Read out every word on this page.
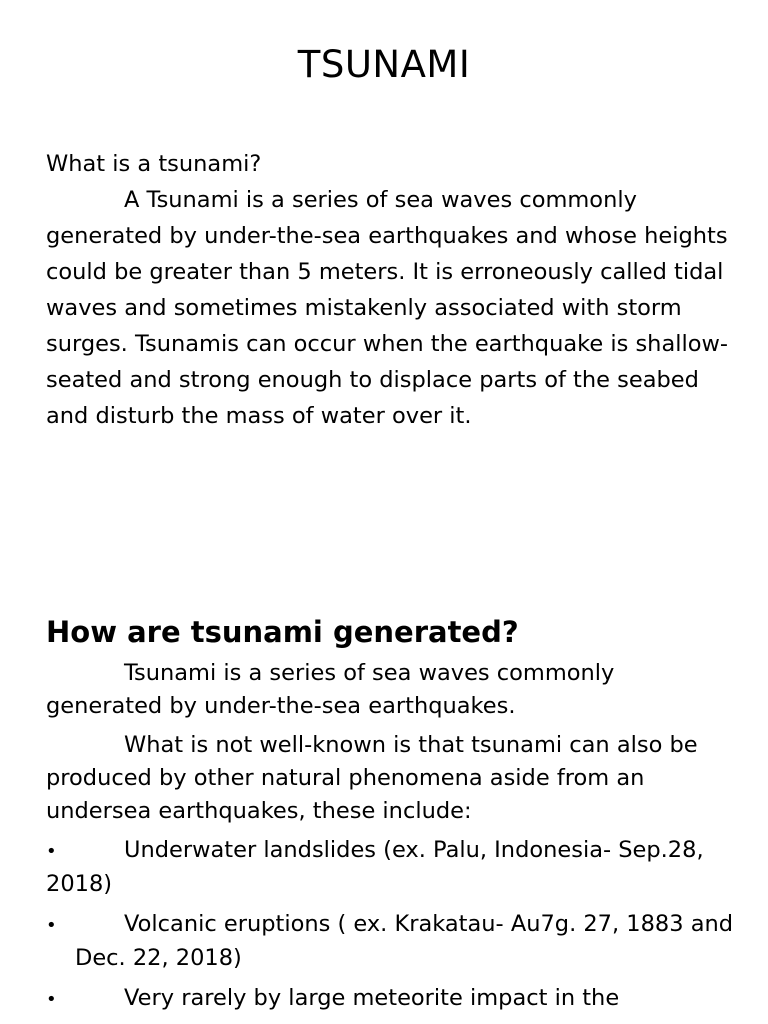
TSUNAMI

What is a tsunami?

A Tsunami is a series of sea waves commonly generated by under-the-sea earthquakes and whose heights could be greater than 5 meters. It is erroneously called tidal waves and sometimes mistakenly associated with storm surges. Tsunamis can occur when the earthquake is shallow-seated and strong enough to displace parts of the seabed and disturb the mass of water over it.

How are tsunami generated?

Tsunami is a series of sea waves commonly generated by under-the-sea earthquakes.

What is not well-known is that tsunami can also be produced by other natural phenomena aside from an undersea earthquakes, these include:

•	Underwater landslides (ex. Palu, Indonesia- Sep.28, 2018)
•	Volcanic eruptions ( ex. Krakatau- Au7g. 27, 1883 and Dec. 22, 2018)
•	Very rarely by large meteorite impact in the
